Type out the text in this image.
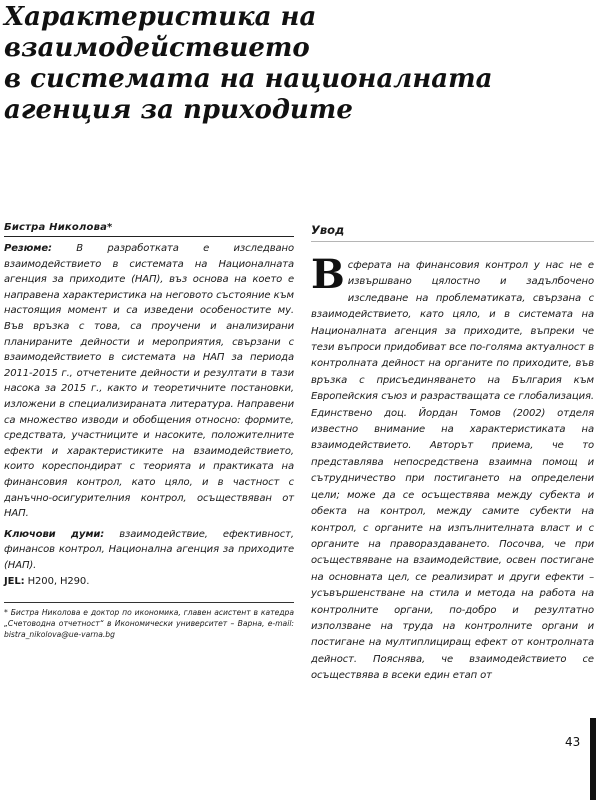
Характеристика на взаимодействието
в системата на националната
агенция за приходите
Бистра Николова*

Резюме: В разработката е изследвано взаимодействието в системата на Националната агенция за приходите (НАП), въз основа на което е направена характеристика на неговото състояние към настоящия момент и са изведени особеностите му. Във връзка с това, са проучени и анализирани планираните дейности и мероприятия, свързани с взаимодействието в системата на НАП за периода 2011-2015 г., отчетените дейности и резултати в тази насока за 2015 г., както и теоретичните постановки, изложени в специализираната литература. Направени са множество изводи и обобщения относно: формите, средствата, участниците и насоките, положителните ефекти и характеристиките на взаимодействието, които кореспондират с теорията и практиката на финансовия контрол, като цяло, и в частност с данъчно-осигурителния контрол, осъществяван от НАП.

Ключови думи: взаимодействие, ефективност, финансов контрол, Национална агенция за приходите (НАП).

JEL: H200, H290.

* Бистра Николова е доктор по икономика, главен асистент в катедра „Счетоводна отчетност“ в Икономически университет – Варна, e-mail: bistra_nikolova@ue-varna.bg
Увод

В сферата на финансовия контрол у нас не е извършвано цялостно и задълбочено изследване на проблематиката, свързана с взаимодействието, като цяло, и в системата на Националната агенция за приходите, въпреки че тези въпроси придобиват все по-голяма актуалност в контролната дейност на органите по приходите, във връзка с присъединяването на България към Европейския съюз и разрастващата се глобализация. Единствено доц. Йордан Томов (2002) отделя известно внимание на характеристиката на взаимодействието. Авторът приема, че то представлява непосредствена взаимна помощ и сътрудничество при постигането на определени цели; може да се осъществява между субекта и обекта на контрол, между самите субекти на контрол, с органите на изпълнителната власт и с органите на правораздаването. Посочва, че при осъществяване на взаимодействие, освен постигане на основната цел, се реализират и други ефекти – усъвършенстване на стила и метода на работа на контролните органи, по-добро и резултатно използване на труда на контролните органи и постигане на мултиплициращ ефект от контролната дейност. Пояснява, че взаимодействието се осъществява в всеки един етап от

43
